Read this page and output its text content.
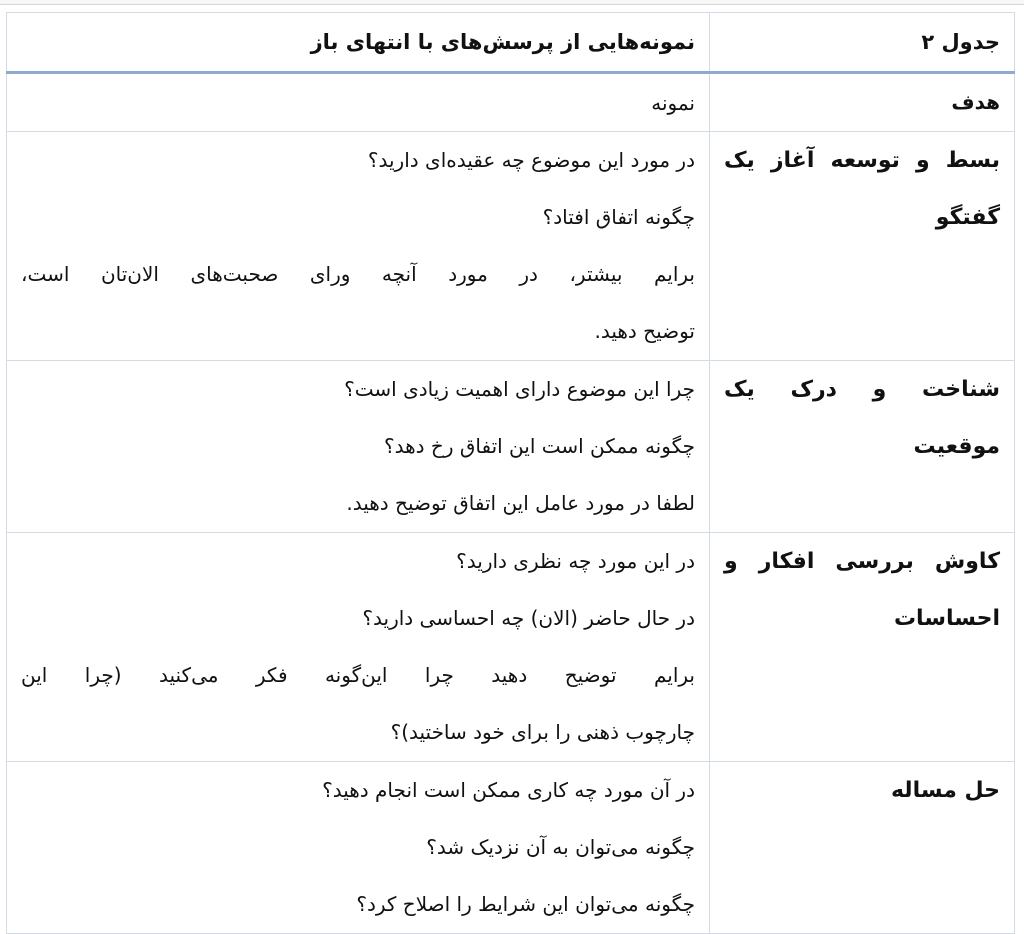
جدول ۲	نمونه‌هایی از پرسش‌های با انتهای باز
هدف	نمونه
بسط و توسعه آغاز یک گفتگو	در مورد این موضوع چه عقیده‌ای دارید؟
چگونه اتفاق افتاد؟
برایم بیشتر، در مورد آنچه ورای صحبت‌های الان‌تان است،
توضیح دهید.

شناخت و درک یک موقعیت	چرا این موضوع دارای اهمیت زیادی است؟
چگونه ممکن است این اتفاق رخ دهد؟
لطفا در مورد عامل این اتفاق توضیح دهید.

کاوش بررسی افکار و احساسات	در این مورد چه نظری دارید؟
در حال حاضر (الان) چه احساسی دارید؟
برایم توضیح دهید چرا این‌گونه فکر می‌کنید (چرا این
چارچوب ذهنی را برای خود ساختید)؟

حل مساله	در آن مورد چه کاری ممکن است انجام دهید؟
چگونه می‌توان به آن نزدیک شد؟
چگونه می‌توان این شرایط را اصلاح کرد؟
